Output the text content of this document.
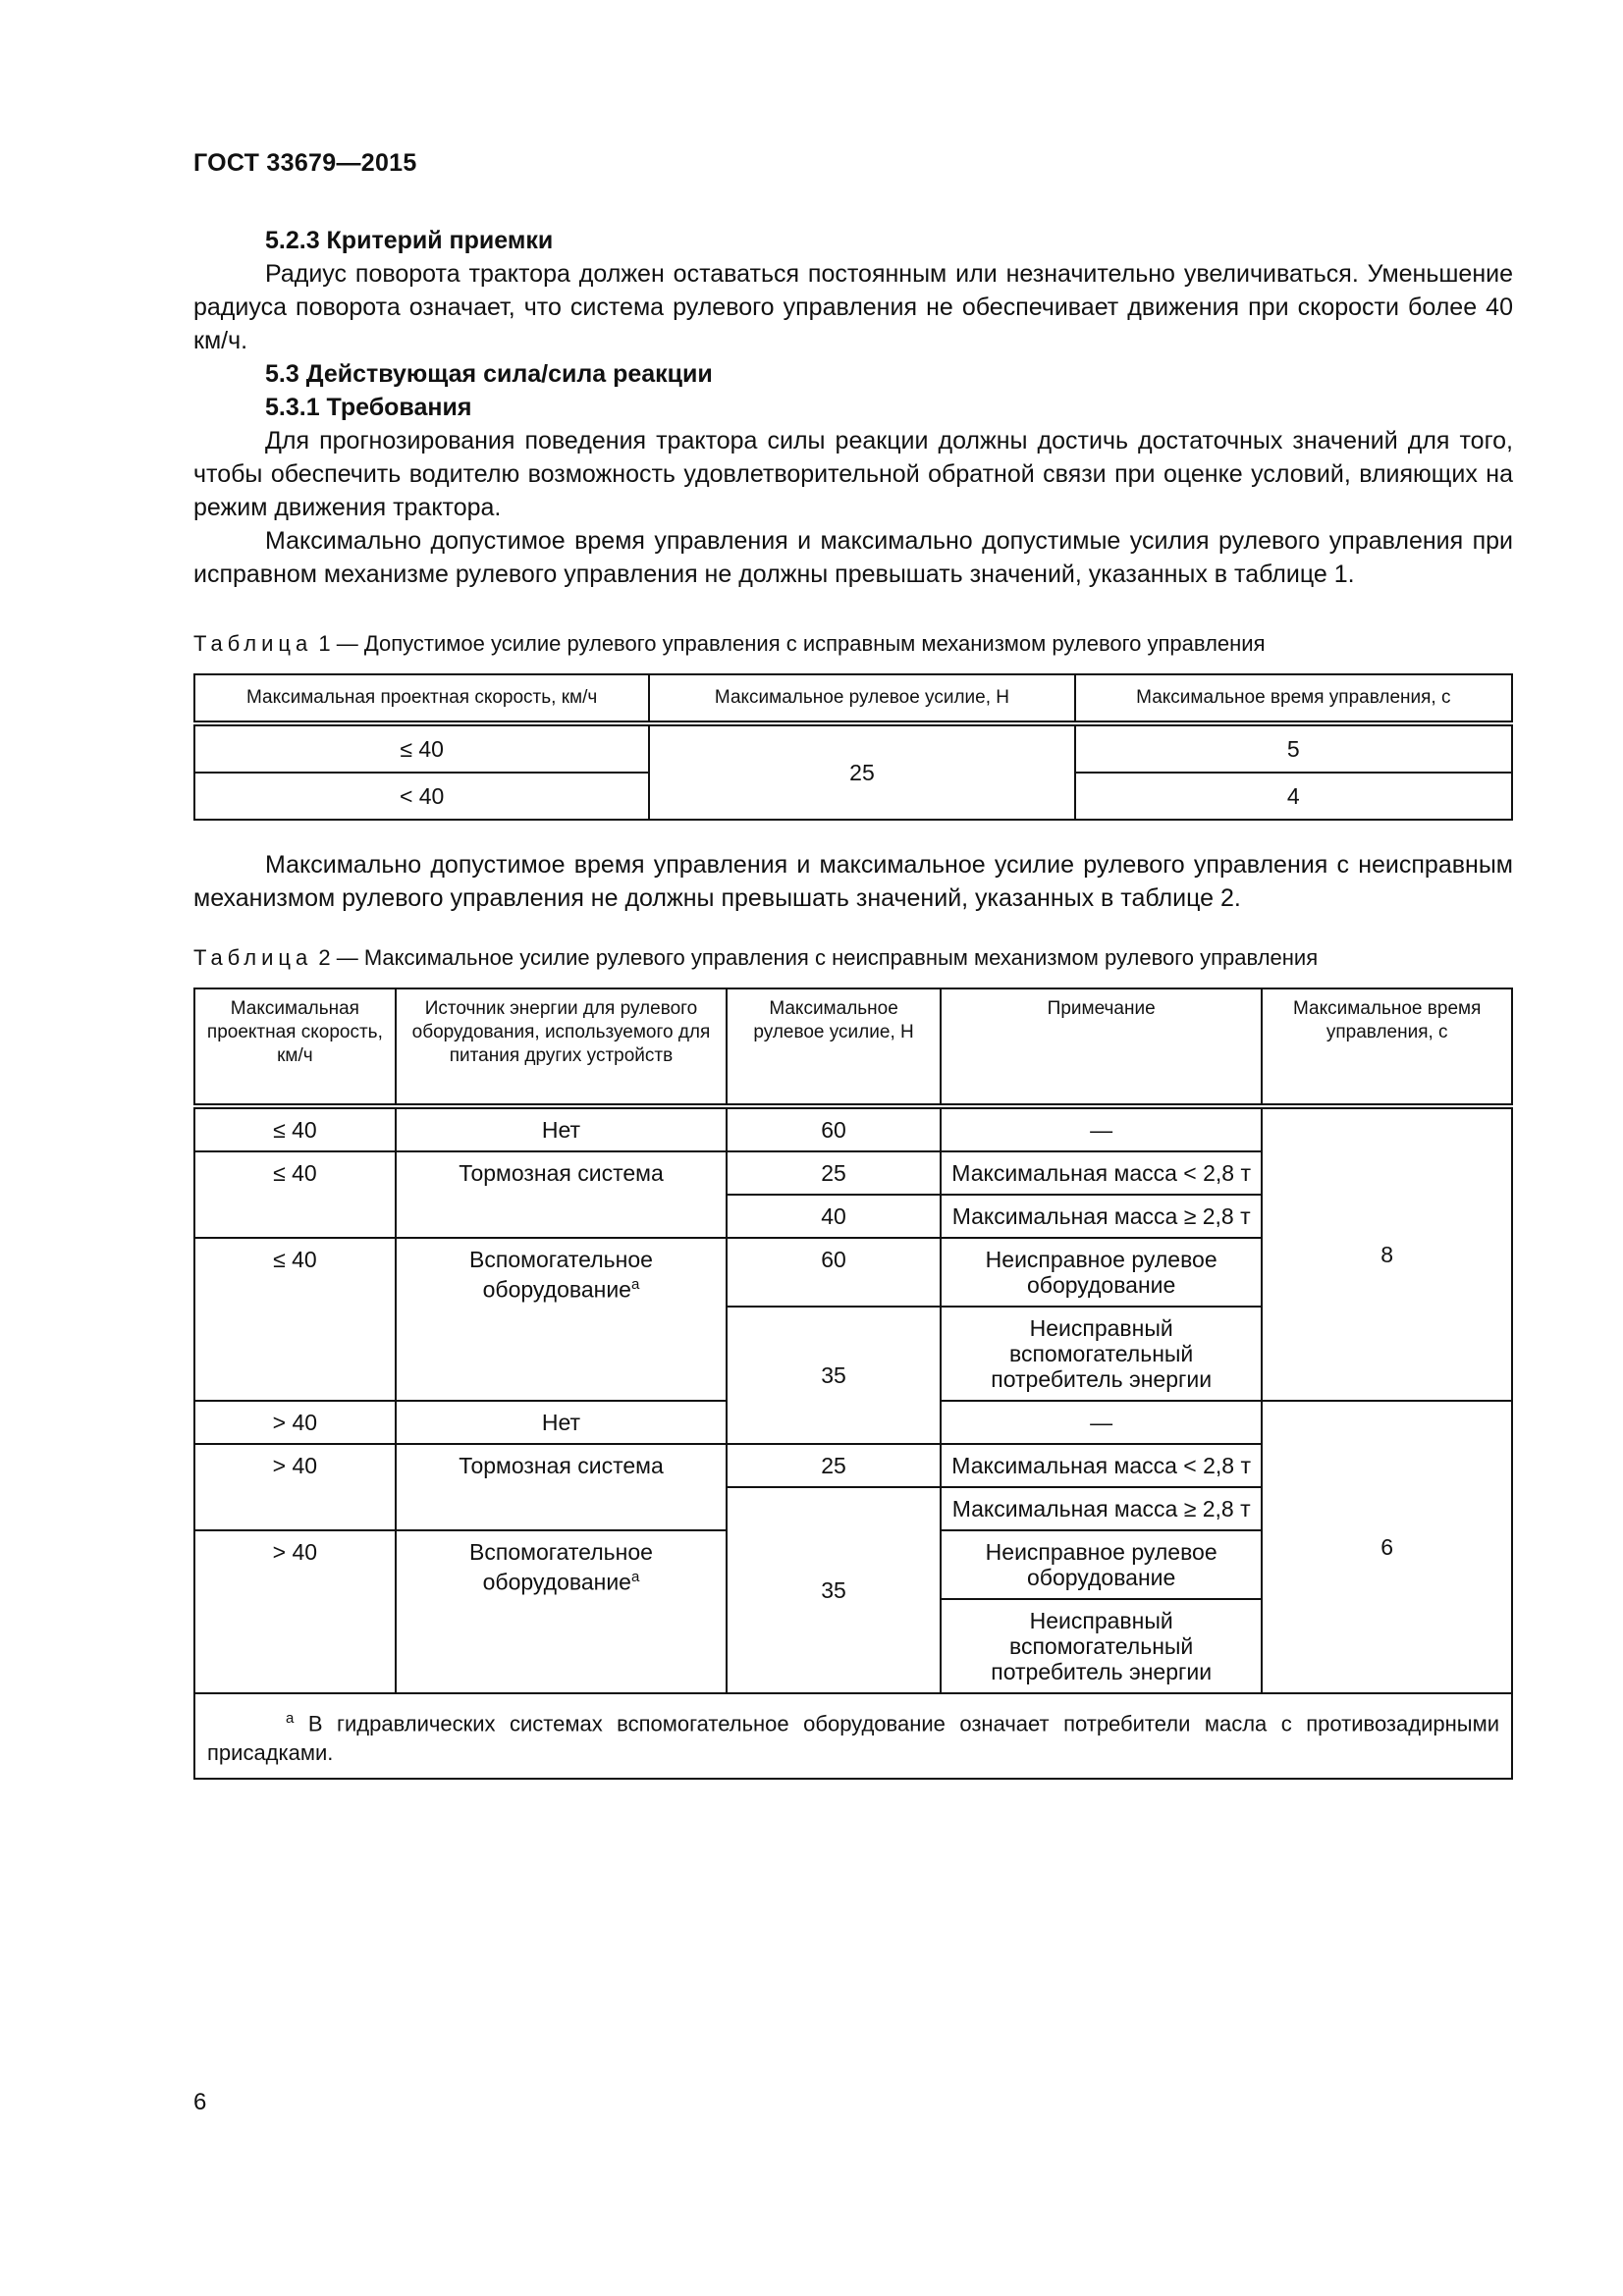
ГОСТ 33679—2015
5.2.3 Критерий приемки

Радиус поворота трактора должен оставаться постоянным или незначительно увеличиваться. Уменьшение радиуса поворота означает, что система рулевого управления не обеспечивает движения при скорости более 40 км/ч.

5.3 Действующая сила/сила реакции
5.3.1 Требования

Для прогнозирования поведения трактора силы реакции должны достичь достаточных значений для того, чтобы обеспечить водителю возможность удовлетворительной обратной связи при оценке условий, влияющих на режим движения трактора.

Максимально допустимое время управления и максимально допустимые усилия рулевого управления при исправном механизме рулевого управления не должны превышать значений, указанных в таблице 1.

Таблица 1 — Допустимое усилие рулевого управления с исправным механизмом рулевого управления
Максимальная проектная скорость, км/ч	Максимальное рулевое усилие, Н	Максимальное время управления, с
≤ 40	25	5
< 40		4

Максимально допустимое время управления и максимальное усилие рулевого управления с неисправным механизмом рулевого управления не должны превышать значений, указанных в таблице 2.

Таблица 2 — Максимальное усилие рулевого управления с неисправным механизмом рулевого управления
Максимальная проектная скорость, км/ч	Источник энергии для рулевого оборудования, используемого для питания других устройств	Максимальное рулевое усилие, Н	Примечание	Максимальное время управления, с
≤ 40	Нет	60	—	8
≤ 40	Тормозная система	25	Максимальная масса < 2,8 т	
		40	Максимальная масса ≥ 2,8 т	
≤ 40	Вспомогательное оборудование$^a$	60	Неисправное рулевое оборудование	
		35	Неисправный вспомогательный потребитель энергии	
> 40	Нет		—	6
> 40	Тормозная система	25	Максимальная масса < 2,8 т	
		35	Максимальная масса ≥ 2,8 т	
> 40	Вспомогательное оборудование$^a$		Неисправное рулевое оборудование	
			Неисправный вспомогательный потребитель энергии	
$^a$ В гидравлических системах вспомогательное оборудование означает потребители масла с противозадирными присадками.				
6
